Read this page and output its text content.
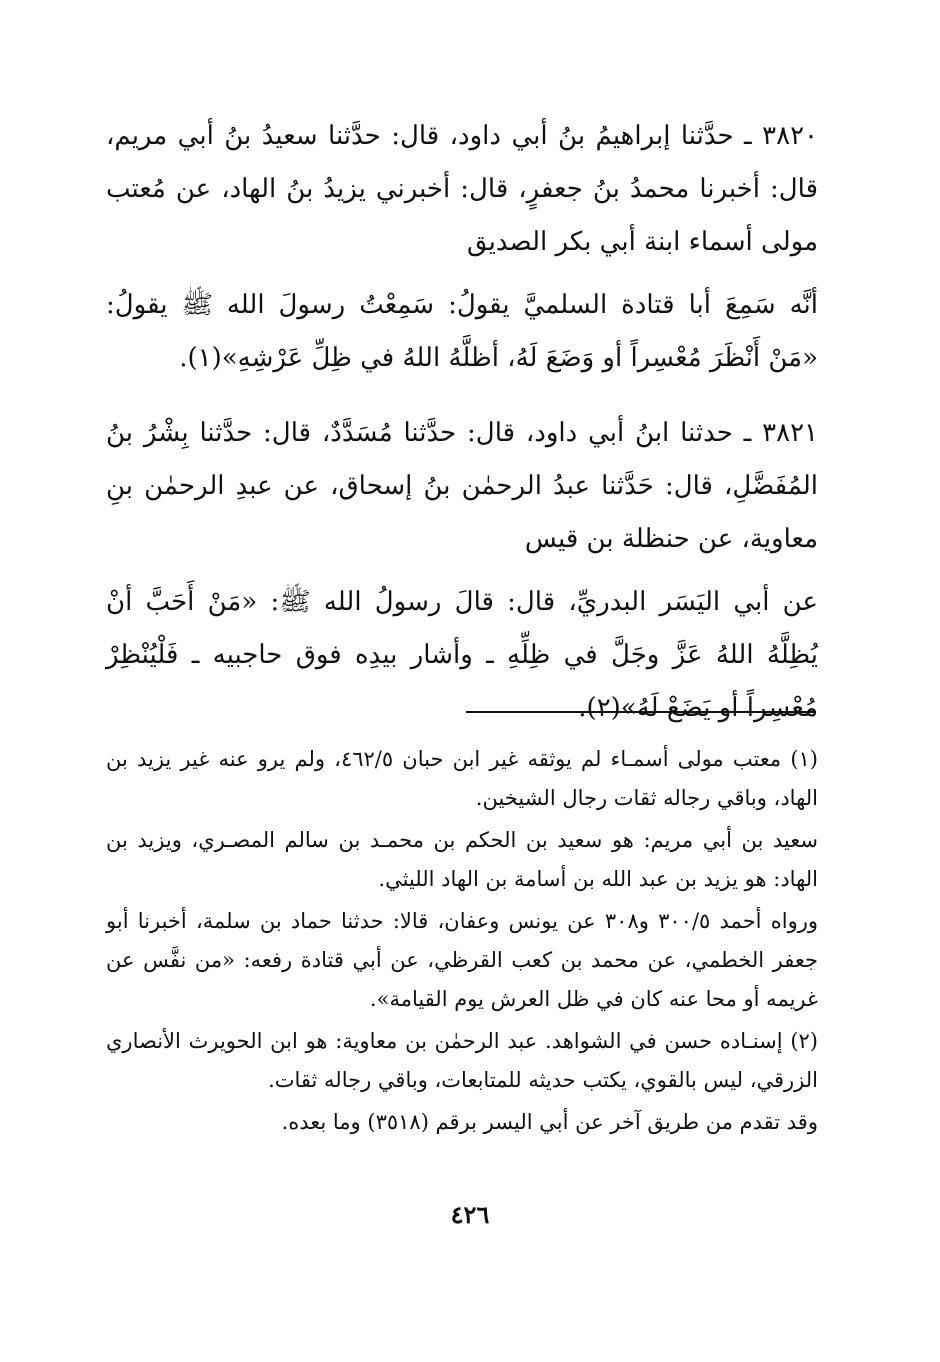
٣٨٢٠ ـ حدَّثنا إبراهيمُ بنُ أبي داود، قال: حدَّثنا سعيدُ بنُ أبي مريم، قال: أخبرنا محمدُ بنُ جعفرٍ، قال: أخبرني يزيدُ بنُ الهاد، عن مُعتب مولى أسماء ابنة أبي بكر الصديق

أنَّه سَمِعَ أبا قتادة السلميَّ يقولُ: سَمِعْتُ رسولَ الله ﷺ يقولُ: «مَنْ أَنْظَرَ مُعْسِراً أو وَضَعَ لَهُ، أظلَّهُ اللهُ في ظِلِّ عَرْشِهِ»(١).

٣٨٢١ ـ حدثنا ابنُ أبي داود، قال: حدَّثنا مُسَدَّدٌ، قال: حدَّثنا بِشْرُ بنُ المُفَضَّلِ، قال: حَدَّثنا عبدُ الرحمٰن بنُ إسحاق، عن عبدِ الرحمٰن بنِ معاوية، عن حنظلة بن قيس

عن أبي اليَسَر البدريِّ، قال: قالَ رسولُ الله ﷺ: «مَنْ أَحَبَّ أنْ يُظِلَّهُ اللهُ عَزَّ وجَلَّ في ظِلِّهِ ـ وأشار بيدِه فوق حاجبيه ـ فَلْيُنْظِرْ مُعْسِراً أو يَضَعْ لَهُ»(٢).

(١) معتب مولى أسمـاء لم يوثقه غير ابن حبان ٤٦٢/٥، ولم يرو عنه غير يزيد بن الهاد، وباقي رجاله ثقات رجال الشيخين.

سعيد بن أبي مريم: هو سعيد بن الحكم بن محمـد بن سالم المصـري، ويزيد بن الهاد: هو يزيد بن عبد الله بن أسامة بن الهاد الليثي.

ورواه أحمد ٣٠٠/٥ و٣٠٨ عن يونس وعفان، قالا: حدثنا حماد بن سلمة، أخبرنا أبو جعفر الخطمي، عن محمد بن كعب القرظي، عن أبي قتادة رفعه: «من نفَّس عن غريمه أو محا عنه كان في ظل العرش يوم القيامة».

(٢) إسنـاده حسن في الشواهد. عبد الرحمٰن بن معاوية: هو ابن الحويرث الأنصاري الزرقي، ليس بالقوي، يكتب حديثه للمتابعات، وباقي رجاله ثقات.

وقد تقدم من طريق آخر عن أبي اليسر برقم (٣٥١٨) وما بعده.

٤٢٦
